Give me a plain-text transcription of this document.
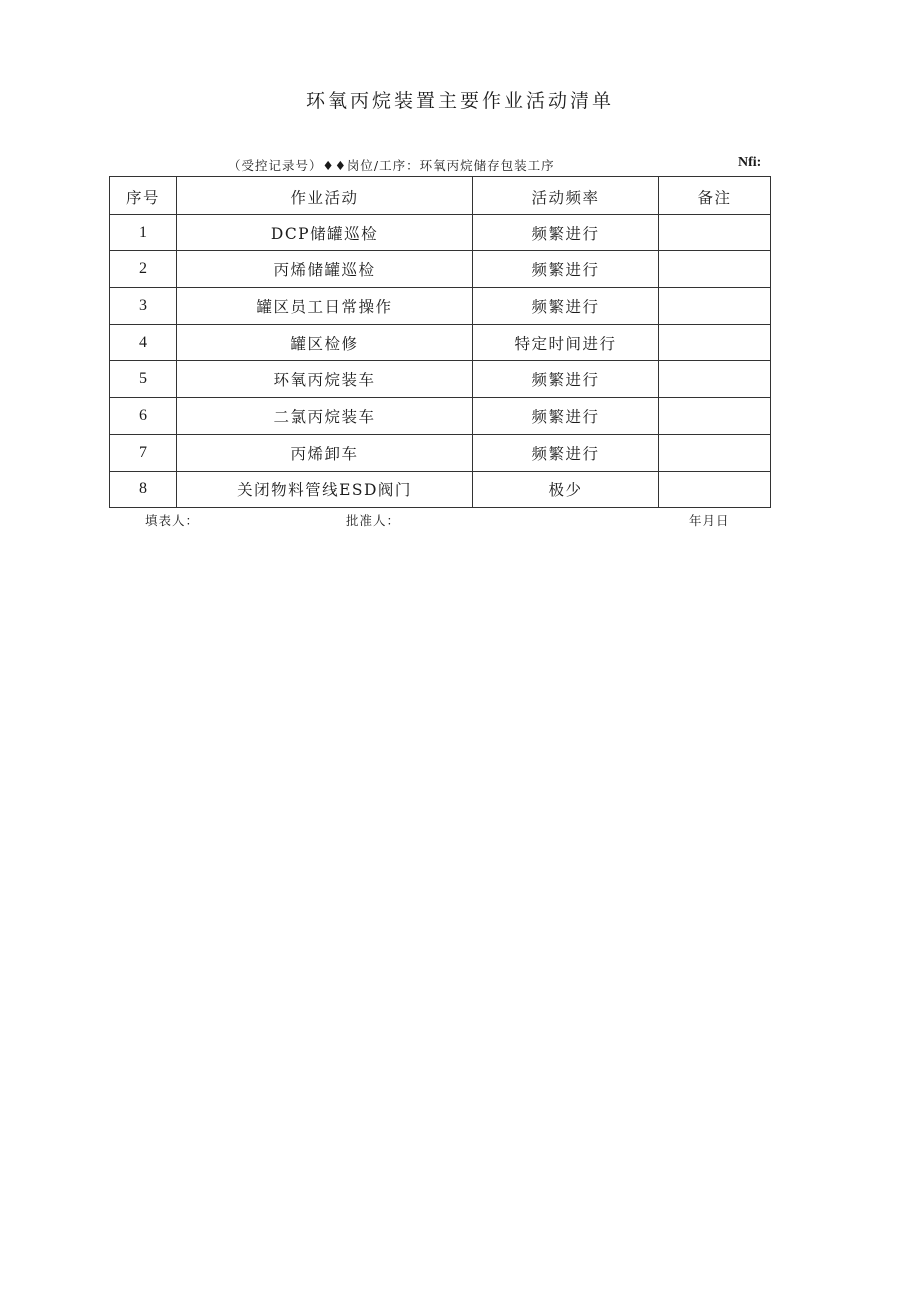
环氧丙烷装置主要作业活动清单
（受控记录号）♦♦岗位/工序：环氧丙烷储存包装工序	Nfi:
序号	作业活动	活动频率	备注
1	DCP储罐巡检	频繁进行	
2	丙烯储罐巡检	频繁进行	
3	罐区员工日常操作	频繁进行	
4	罐区检修	特定时间进行	
5	环氧丙烷装车	频繁进行	
6	二氯丙烷装车	频繁进行	
7	丙烯卸车	频繁进行	
8	关闭物料管线ESD阀门	极少	
填表人：	批准人：	年月日
